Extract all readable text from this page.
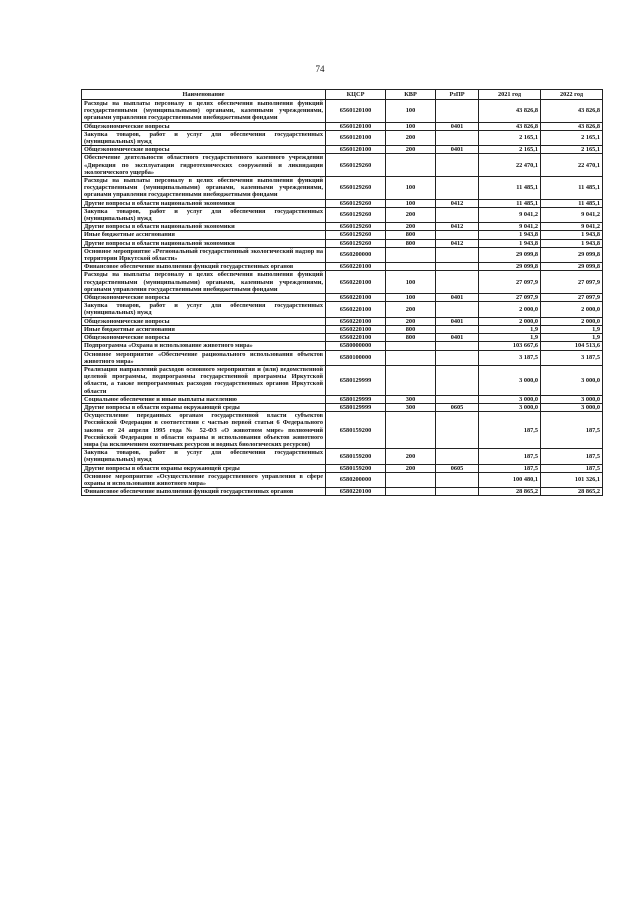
74
Наименование	КЦСР	КВР	РзПР	2021 год	2022 год
Расходы на выплаты персоналу в целях обеспечения выполнения функций государственными (муниципальными) органами, казенными учреждениями, органами управления государственными внебюджетными фондами	6560120100	100		43 826,8	43 826,8
Общеэкономические вопросы	6560120100	100	0401	43 826,8	43 826,8
Закупка товаров, работ и услуг для обеспечения государственных (муниципальных) нужд	6560120100	200		2 165,1	2 165,1
Общеэкономические вопросы	6560120100	200	0401	2 165,1	2 165,1
Обеспечение деятельности областного государственного казенного учреждения «Дирекция по эксплуатации гидротехнических сооружений и ликвидации экологического ущерба»	6560129260			22 470,1	22 470,1
Расходы на выплаты персоналу в целях обеспечения выполнения функций государственными (муниципальными) органами, казенными учреждениями, органами управления государственными внебюджетными фондами	6560129260	100		11 485,1	11 485,1
Другие вопросы в области национальной экономики	6560129260	100	0412	11 485,1	11 485,1
Закупка товаров, работ и услуг для обеспечения государственных (муниципальных) нужд	6560129260	200		9 041,2	9 041,2
Другие вопросы в области национальной экономики	6560129260	200	0412	9 041,2	9 041,2
Иные бюджетные ассигнования	6560129260	800		1 943,8	1 943,8
Другие вопросы в области национальной экономики	6560129260	800	0412	1 943,8	1 943,8
Основное мероприятие «Региональный государственный экологический надзор на территории Иркутской области»	6560200000			29 099,8	29 099,8
Финансовое обеспечение выполнения функций государственных органов	6560220100			29 099,8	29 099,8
Расходы на выплаты персоналу в целях обеспечения выполнения функций государственными (муниципальными) органами, казенными учреждениями, органами управления государственными внебюджетными фондами	6560220100	100		27 097,9	27 097,9
Общеэкономические вопросы	6560220100	100	0401	27 097,9	27 097,9
Закупка товаров, работ и услуг для обеспечения государственных (муниципальных) нужд	6560220100	200		2 000,0	2 000,0
Общеэкономические вопросы	6560220100	200	0401	2 000,0	2 000,0
Иные бюджетные ассигнования	6560220100	800		1,9	1,9
Общеэкономические вопросы	6560220100	800	0401	1,9	1,9
Подпрограмма «Охрана и использование животного мира»	6580000000			103 667,6	104 513,6
Основное мероприятие «Обеспечение рационального использования объектов животного мира»	6580100000			3 187,5	3 187,5
Реализация направлений расходов основного мероприятия и (или) ведомственной целевой программы, подпрограммы государственной программы Иркутской области, а также непрограммных расходов государственных органов Иркутской области	6580129999			3 000,0	3 000,0
Социальное обеспечение и иные выплаты населению	6580129999	300		3 000,0	3 000,0
Другие вопросы в области охраны окружающей среды	6580129999	300	0605	3 000,0	3 000,0
Осуществление переданных органам государственной власти субъектов Российской Федерации в соответствии с частью первой статьи 6 Федерального закона от 24 апреля 1995 года № 52-ФЗ «О животном мире» полномочий Российской Федерации в области охраны и использования объектов животного мира (за исключением охотничьих ресурсов и водных биологических ресурсов)	6580159200			187,5	187,5
Закупка товаров, работ и услуг для обеспечения государственных (муниципальных) нужд	6580159200	200		187,5	187,5
Другие вопросы в области охраны окружающей среды	6580159200	200	0605	187,5	187,5
Основное мероприятие «Осуществление государственного управления в сфере охраны и использования животного мира»	6580200000			100 480,1	101 326,1
Финансовое обеспечение выполнения функций государственных органов	6580220100			28 865,2	28 865,2
